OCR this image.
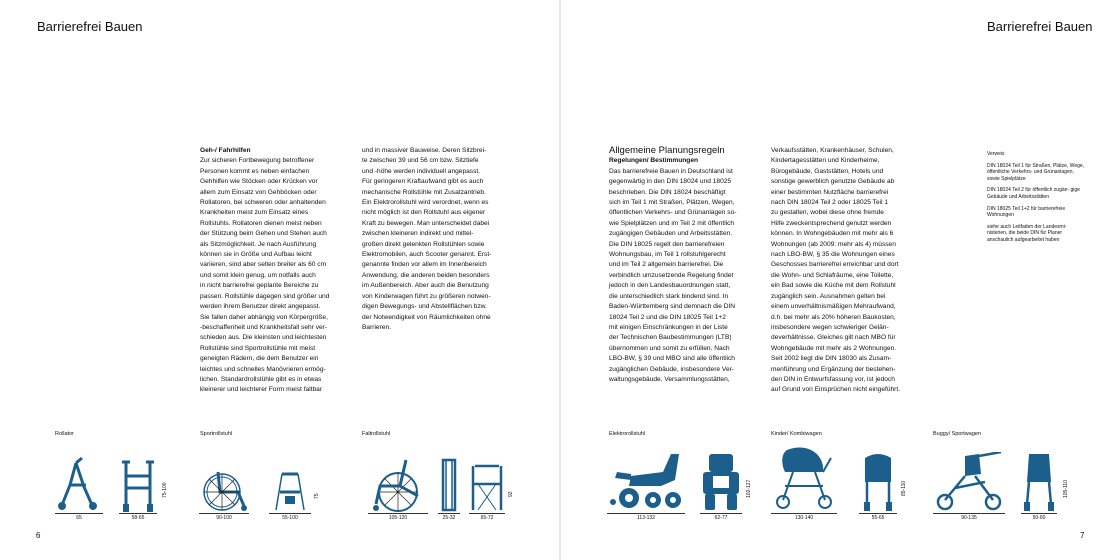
Barrierefrei Bauen
6

Geh-/ Fahrhilfen

Zur sicheren Fortbewegung betroffener

Personen kommt es neben einfachen

Gehhilfen wie Stöcken oder Krücken vor

allem zum Einsatz von Gehböcken oder

Rollatoren, bei schweren oder anhaltenden

Krankheiten meist zum Einsatz eines

Rollstuhls. Rollatoren dienen meist neben

der Stützung beim Gehen und Stehen auch

als Sitzmöglichkeit. Je nach Ausführung

können sie in Größe und Aufbau leicht

variieren, sind aber selten breiter als 60 cm

und somit klein genug, um notfalls auch

in nicht barrierefrei geplante Bereiche zu

passen. Rollstühle dagegen sind größer und

werden ihrem Benutzer direkt angepasst.

Sie fallen daher abhängig von Körpergröße,

-beschaffenheit und Krankheitsfall sehr ver-

schieden aus. Die kleinsten und leichtesten

Rollstühle sind Sportrollstühle mit meist

geneigten Rädern, die dem Benutzer ein

leichtes und schnelles Manövrieren ermög-

lichen. Standardrollstühle gibt es in etwas

kleinerer und leichterer Form meist faltbar

und in massiver Bauweise. Deren Sitzbrei-

te zwischen 39 und 56 cm bzw. Sitztiefe

und -höhe werden individuell angepasst.

Für geringeren Kraftaufwand gibt es auch

mechanische Rollstühle mit Zusatzantrieb.

Ein Elektrorollstuhl wird verordnet, wenn es

nicht möglich ist den Rollstuhl aus eigener

Kraft zu bewegen. Man unterscheidet dabei

zwischen kleineren indirekt und mittel-

großen direkt gelenkten Rollstühlen sowie

Elektromobilen, auch Scooter genannt. Erst-

genannte finden vor allem im Innenbereich

Anwendung, die anderen beiden besonders

im Außenbereich. Aber auch die Benutzung

von Kinderwagen führt zu größeren notwen-

digen Bewegungs- und Abstellflächen bzw.

der Notwendigkeit von Räumlichkeiten ohne

Barrieren.

Rollator	Sportrollstuhl	Faltrollstuhl
65	58-65
75-100
90-100	55-100
75
105-120	25-32	65-72
92
Barrierefrei Bauen
7

Allgemeine Planungsregeln

Regelungen/ Bestimmungen

Das barrierefreie Bauen in Deutschland ist

gegenwärtig in den DIN 18024 und 18025

beschrieben. Die DIN 18024 beschäftigt

sich im Teil 1 mit Straßen, Plätzen, Wegen,

öffentlichen Verkehrs- und Grünanlagen so-

wie Spielplätzen und im Teil 2 mit öffentlich

zugängigen Gebäuden und Arbeitsstätten.

Die DIN 18025 regelt den barrierefreien

Wohnungsbau, im Teil 1 rollstuhlgerecht

und im Teil 2 allgemein barrierefrei. Die

verbindlich umzusetzende Regelung findet

jedoch in den Landesbauordnungen statt,

die unterschiedlich stark bindend sind. In

Baden-Württemberg sind demnach die DIN

18024 Teil 2 und die DIN 18025 Teil 1+2

mit einigen Einschränkungen in der Liste

der Technischen Baubestimmungen (LTB)

übernommen und somit zu erfüllen. Nach

LBO-BW, § 39 und MBO sind alle öffentlich

zugänglichen Gebäude, insbesondere Ver-

waltungsgebäude, Versammlungsstätten,

Verkaufsstätten, Krankenhäuser, Schulen,

Kindertagesstätten und Kinderheime,

Bürogebäude, Gaststätten, Hotels und

sonstige gewerblich genutzte Gebäude ab

einer bestimmten Nutzfläche barrierefrei

nach DIN 18024 Teil 2 oder 18025 Teil 1

zu gestalten, wobei diese ohne fremde

Hilfe zweckentsprechend genutzt werden

können. In Wohngebäuden mit mehr als 6

Wohnungen (ab 2009: mehr als 4) müssen

nach LBO-BW, § 35 die Wohnungen eines

Geschosses barrierefrei erreichbar und dort

die Wohn- und Schlafräume, eine Toilette,

ein Bad sowie die Küche mit dem Rollstuhl

zugänglich sein. Ausnahmen gelten bei

einem unverhältnismäßigen Mehraufwand,

d.h. bei mehr als 20% höheren Baukosten,

insbesondere wegen schwieriger Gelän-

deverhältnisse. Gleiches gilt nach MBO für

Wohngebäude mit mehr als 2 Wohnungen.

Seit 2002 liegt die DIN 18030 als Zusam-

menführung und Ergänzung der bestehen-

den DIN in Entwurfsfassung vor, ist jedoch

auf Grund von Einsprüchen nicht eingeführt.

Verweis

DIN 18024 Teil 1 für Straßen, Plätze, Wege, öffentliche Verkehrs- und Grünanlagen, sowie Spielplätze

DIN 18024 Teil 2 für öffentlich zugän- gige Gebäude und Arbeitsstätten

DIN 18025 Teil 1+2 für barrierefreie Wohnungen

siehe auch Leitfaden der Landesmi- nisterien, die beide DIN für Planer anschaulich aufgearbeitet haben

Elektrorollstuhl	Kinder/ Kombiwagen	Buggy/ Sportwagen
113-132	62-77
102-127
130-140	55-65
85-110
90-135	50-60
105-110
